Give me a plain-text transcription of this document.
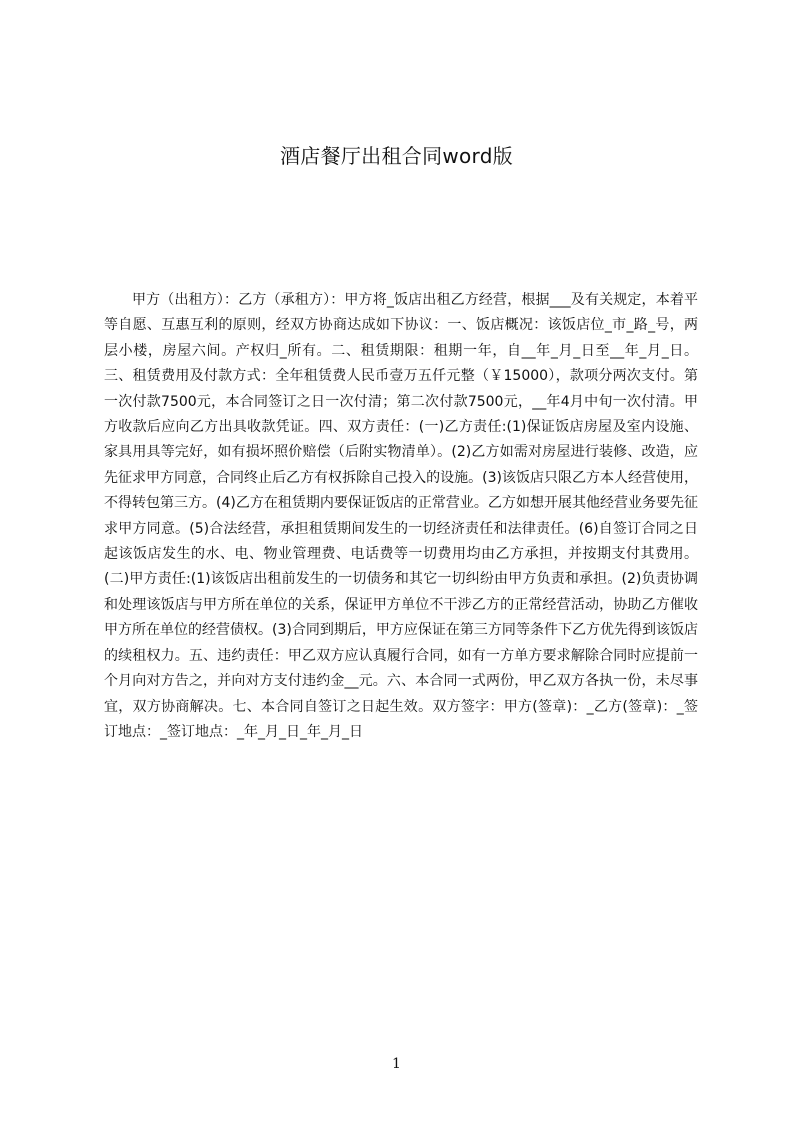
酒店餐厅出租合同word版

甲方（出租方）：乙方（承租方）：甲方将_饭店出租乙方经营，根据___及有关规定，本着平等自愿、互惠互利的原则，经双方协商达成如下协议：一、饭店概况：该饭店位_市_路_号，两层小楼，房屋六间。产权归_所有。二、租赁期限：租期一年，自__年_月_日至__年_月_日。三、租赁费用及付款方式：全年租赁费人民币壹万五仟元整（￥15000），款项分两次支付。第一次付款7500元，本合同签订之日一次付清；第二次付款7500元，__年4月中旬一次付清。甲方收款后应向乙方出具收款凭证。四、双方责任：(一)乙方责任:(1)保证饭店房屋及室内设施、家具用具等完好，如有损坏照价赔偿（后附实物清单）。(2)乙方如需对房屋进行装修、改造，应先征求甲方同意，合同终止后乙方有权拆除自己投入的设施。(3)该饭店只限乙方本人经营使用，不得转包第三方。(4)乙方在租赁期内要保证饭店的正常营业。乙方如想开展其他经营业务要先征求甲方同意。(5)合法经营，承担租赁期间发生的一切经济责任和法律责任。(6)自签订合同之日起该饭店发生的水、电、物业管理费、电话费等一切费用均由乙方承担，并按期支付其费用。(二)甲方责任:(1)该饭店出租前发生的一切债务和其它一切纠纷由甲方负责和承担。(2)负责协调和处理该饭店与甲方所在单位的关系，保证甲方单位不干涉乙方的正常经营活动，协助乙方催收甲方所在单位的经营债权。(3)合同到期后，甲方应保证在第三方同等条件下乙方优先得到该饭店的续租权力。五、违约责任：甲乙双方应认真履行合同，如有一方单方要求解除合同时应提前一个月向对方告之，并向对方支付违约金__元。六、本合同一式两份，甲乙双方各执一份，未尽事宜，双方协商解决。七、本合同自签订之日起生效。双方签字：甲方(签章)：_乙方(签章)：_签订地点：_签订地点：_年_月_日_年_月_日

1
